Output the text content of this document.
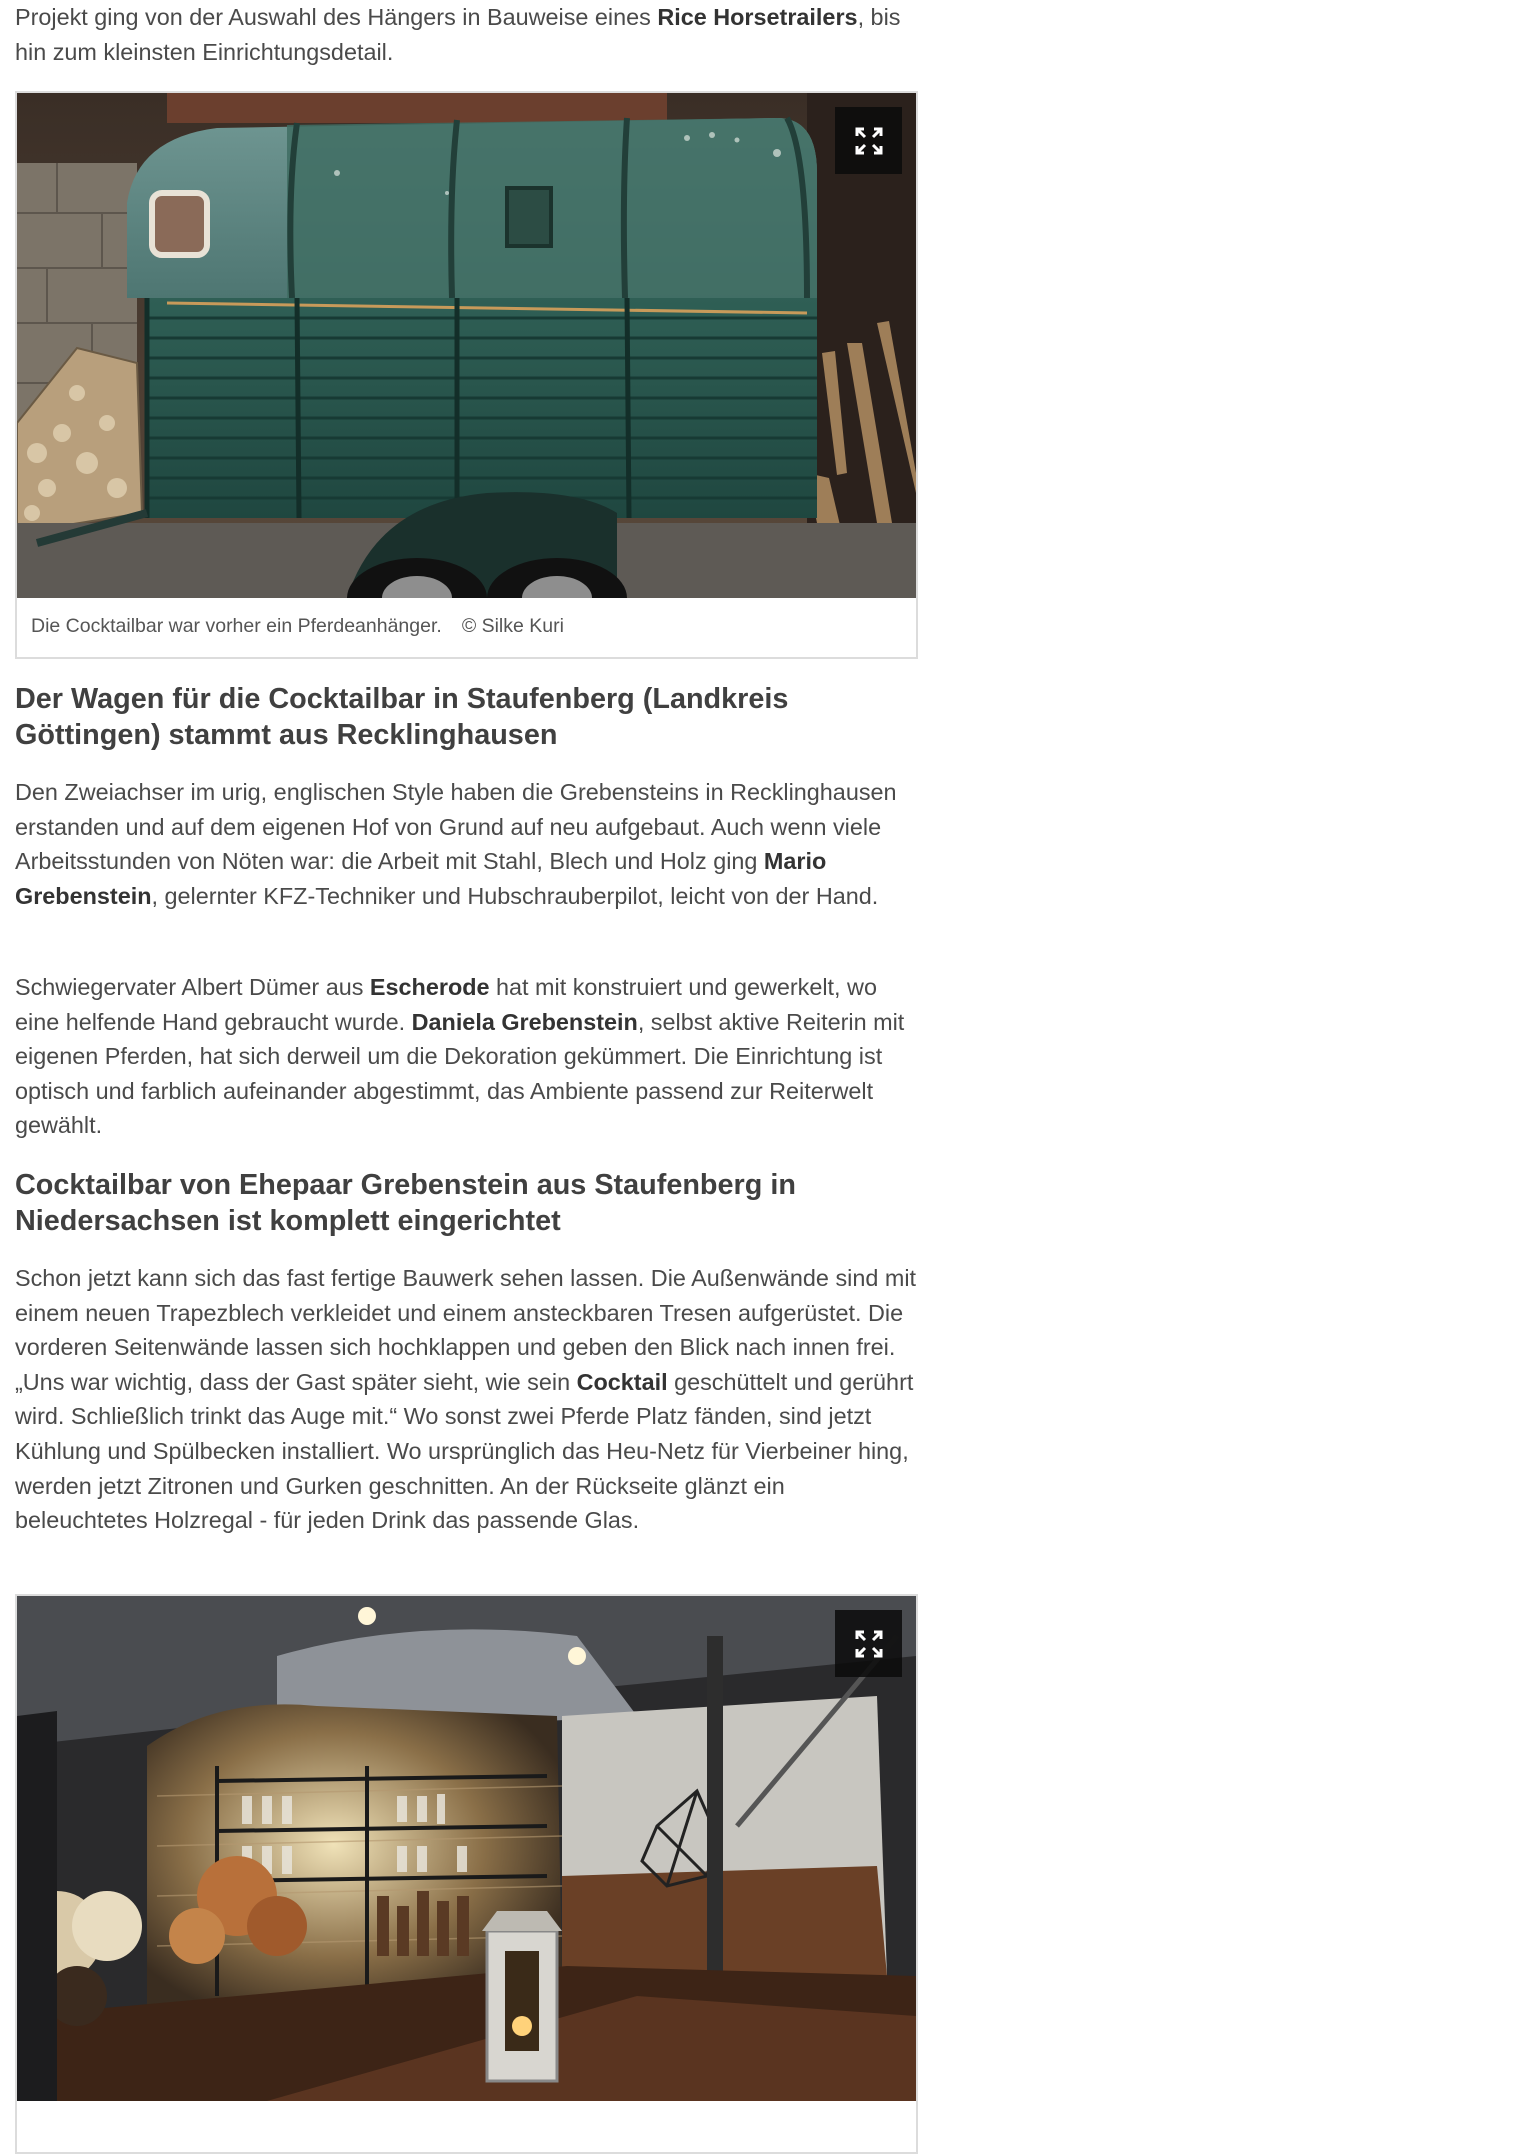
Projekt ging von der Auswahl des Hängers in Bauweise eines Rice Horsetrailers, bis hin zum kleinsten Einrichtungsdetail.

Die Cocktailbar war vorher ein Pferdeanhänger. © Silke Kuri
Der Wagen für die Cocktailbar in Staufenberg (Landkreis Göttingen) stammt aus Recklinghausen

Den Zweiachser im urig, englischen Style haben die Grebensteins in Recklinghausen erstanden und auf dem eigenen Hof von Grund auf neu aufgebaut. Auch wenn viele Arbeitsstunden von Nöten war: die Arbeit mit Stahl, Blech und Holz ging Mario Grebenstein, gelernter KFZ-Techniker und Hubschrauberpilot, leicht von der Hand.

Schwiegervater Albert Dümer aus Escherode hat mit konstruiert und gewerkelt, wo eine helfende Hand gebraucht wurde. Daniela Grebenstein, selbst aktive Reiterin mit eigenen Pferden, hat sich derweil um die Dekoration gekümmert. Die Einrichtung ist optisch und farblich aufeinander abgestimmt, das Ambiente passend zur Reiterwelt gewählt.

Cocktailbar von Ehepaar Grebenstein aus Staufenberg in Niedersachsen ist komplett eingerichtet

Schon jetzt kann sich das fast fertige Bauwerk sehen lassen. Die Außenwände sind mit einem neuen Trapezblech verkleidet und einem ansteckbaren Tresen aufgerüstet. Die vorderen Seitenwände lassen sich hochklappen und geben den Blick nach innen frei. „Uns war wichtig, dass der Gast später sieht, wie sein Cocktail geschüttelt und gerührt wird. Schließlich trinkt das Auge mit.“ Wo sonst zwei Pferde Platz fänden, sind jetzt Kühlung und Spülbecken installiert. Wo ursprünglich das Heu-Netz für Vierbeiner hing, werden jetzt Zitronen und Gurken geschnitten. An der Rückseite glänzt ein beleuchtetes Holzregal - für jeden Drink das passende Glas.
